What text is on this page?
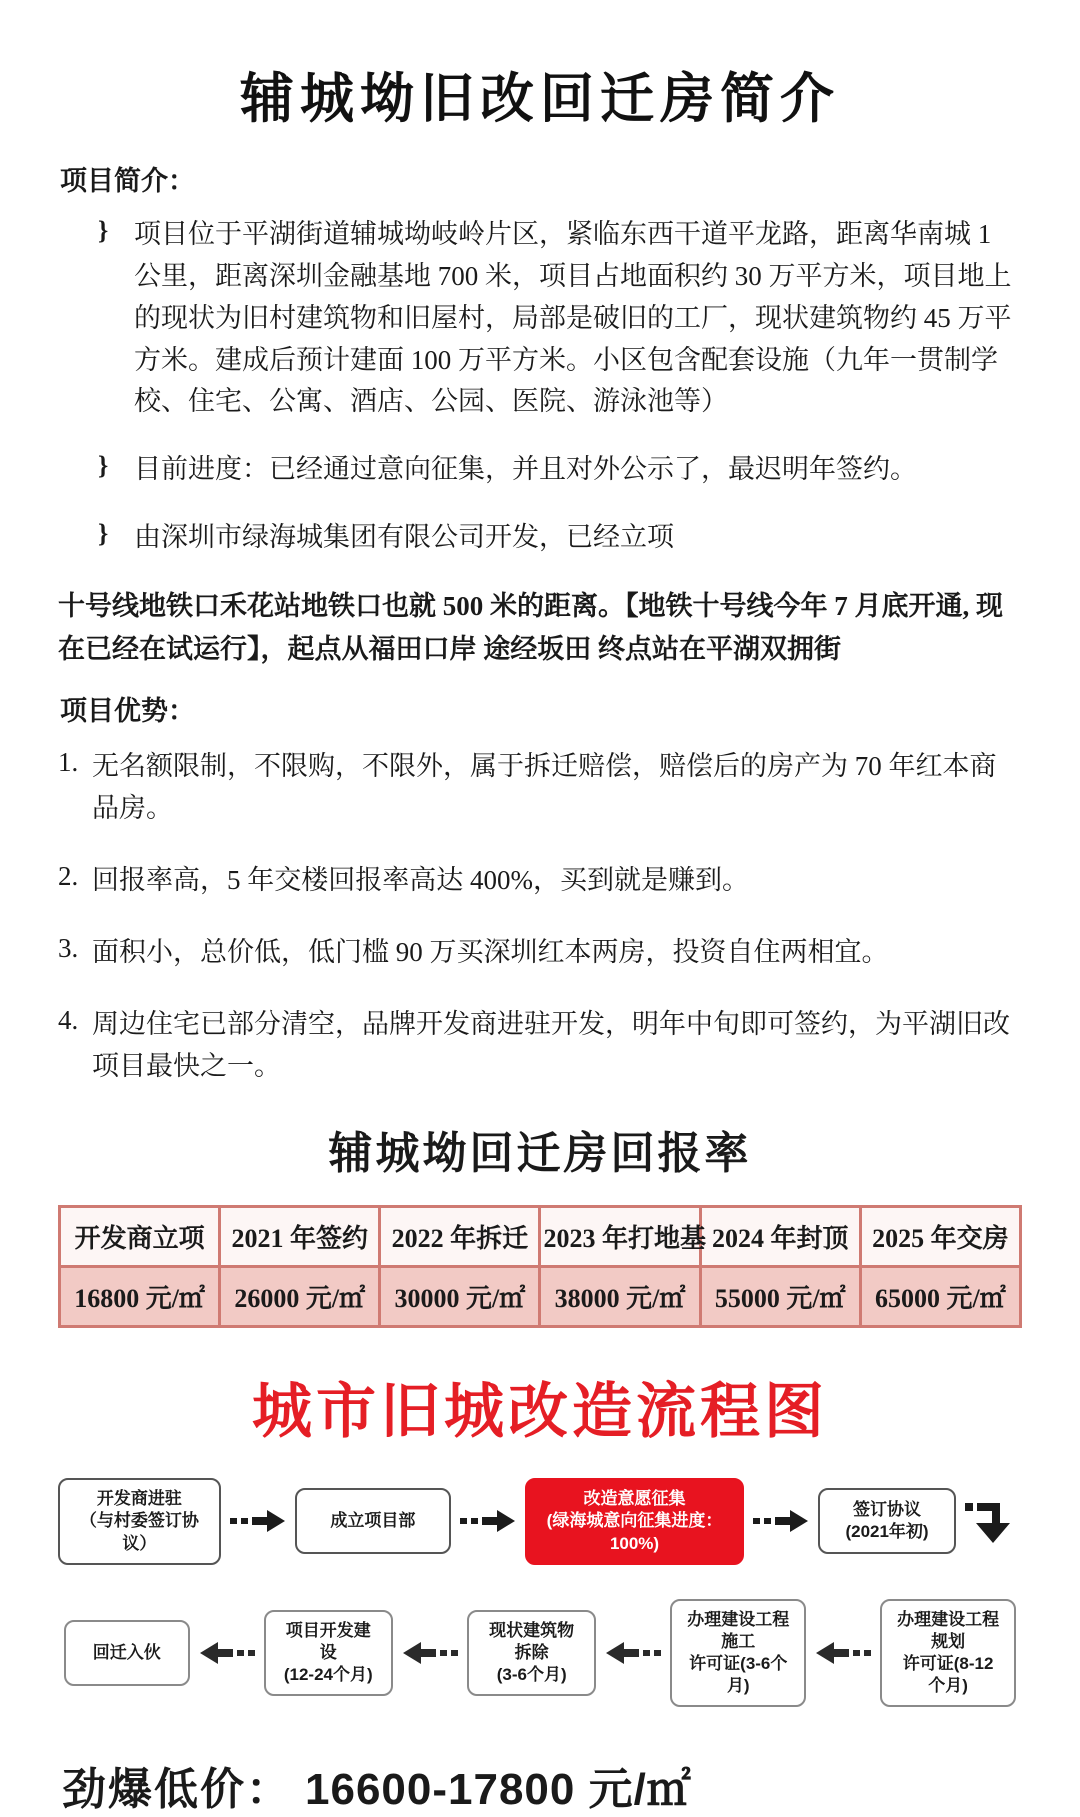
辅城坳旧改回迁房简介
项目简介：
} 项目位于平湖街道辅城坳岐岭片区，紧临东西干道平龙路，距离华南城 1 公里，距离深圳金融基地 700 米，项目占地面积约 30 万平方米，项目地上的现状为旧村建筑物和旧屋村，局部是破旧的工厂，现状建筑物约 45 万平方米。建成后预计建面 100 万平方米。小区包含配套设施（九年一贯制学校、住宅、公寓、酒店、公园、医院、游泳池等）
} 目前进度：已经通过意向征集，并且对外公示了，最迟明年签约。
} 由深圳市绿海城集团有限公司开发，已经立项
十号线地铁口禾花站地铁口也就 500 米的距离。【地铁十号线今年 7 月底开通, 现在已经在试运行】，起点从福田口岸 途经坂田 终点站在平湖双拥街
项目优势：
1. 无名额限制，不限购，不限外，属于拆迁赔偿，赔偿后的房产为 70 年红本商品房。
2. 回报率高，5 年交楼回报率高达 400%，买到就是赚到。
3. 面积小，总价低，低门槛 90 万买深圳红本两房，投资自住两相宜。
4. 周边住宅已部分清空，品牌开发商进驻开发，明年中旬即可签约，为平湖旧改项目最快之一。
辅城坳回迁房回报率
开发商立项	2021 年签约	2022 年拆迁	2023 年打地基	2024 年封顶	2025 年交房
16800 元/㎡	26000 元/㎡	30000 元/㎡	38000 元/㎡	55000 元/㎡	65000 元/㎡
城市旧城改造流程图
开发商进驻
（与村委签订协议）
成立项目部
改造意愿征集
(绿海城意向征集进度：100%)
签订协议
(2021年初)
回迁入伙
项目开发建设
(12-24个月)
现状建筑物拆除
(3-6个月)
办理建设工程施工
许可证(3-6个月)
办理建设工程规划
许可证(8-12个月)
劲爆低价： 16600-17800 元/㎡
